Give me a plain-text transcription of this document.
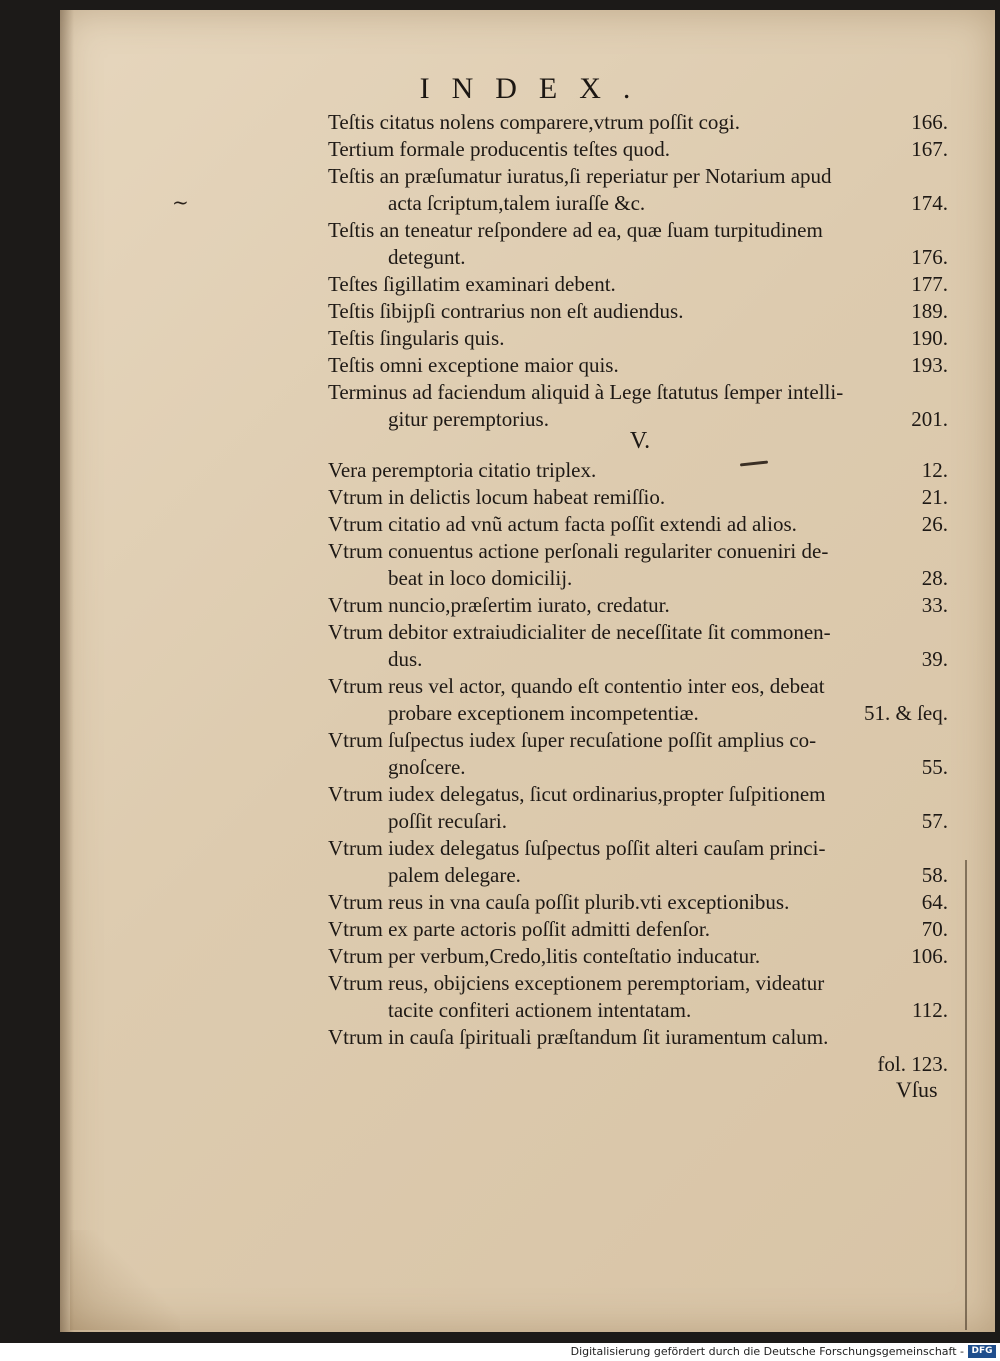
~
INDEX.
Teſtis citatus nolens comparere,vtrum poſſit cogi.	166.
Tertium formale producentis teſtes quod.	167.
Teſtis an præſumatur iuratus,ſi reperiatur per Notarium apud
acta ſcriptum,talem iuraſſe &c.	174.
Teſtis an teneatur reſpondere ad ea, quæ ſuam turpitudinem
detegunt.	176.
Teſtes ſigillatim examinari debent.	177.
Teſtis ſibijpſi contrarius non eſt audiendus.	189.
Teſtis ſingularis quis.	190.
Teſtis omni exceptione maior quis.	193.
Terminus ad faciendum aliquid à Lege ſtatutus ſemper intelli-
gitur peremptorius.	201.
V.
Vera peremptoria citatio triplex.	12.
Vtrum in delictis locum habeat remiſſio.	21.
Vtrum citatio ad vnũ actum facta poſſit extendi ad alios.	26.
Vtrum conuentus actione perſonali regulariter conueniri de-
beat in loco domicilij.	28.
Vtrum nuncio,præſertim iurato, credatur.	33.
Vtrum debitor extraiudicialiter de neceſſitate ſit commonen-
dus.	39.
Vtrum reus vel actor, quando eſt contentio inter eos, debeat
probare exceptionem incompetentiæ.	51. & ſeq.
Vtrum ſuſpectus iudex ſuper recuſatione poſſit amplius co-
gnoſcere.	55.
Vtrum iudex delegatus, ſicut ordinarius,propter ſuſpitionem
poſſit recuſari.	57.
Vtrum iudex delegatus ſuſpectus poſſit alteri cauſam princi-
palem delegare.	58.
Vtrum reus in vna cauſa poſſit plurib.vti exceptionibus.	64.
Vtrum ex parte actoris poſſit admitti defenſor.	70.
Vtrum per verbum,Credo,litis conteſtatio inducatur.	106.
Vtrum reus, obijciens exceptionem peremptoriam, videatur
tacite confiteri actionem intentatam.	112.
Vtrum in cauſa ſpirituali præſtandum ſit iuramentum calum.
fol. 123.
Vſus
Digitalisierung gefördert durch die Deutsche Forschungsgemeinschaft - DFG
